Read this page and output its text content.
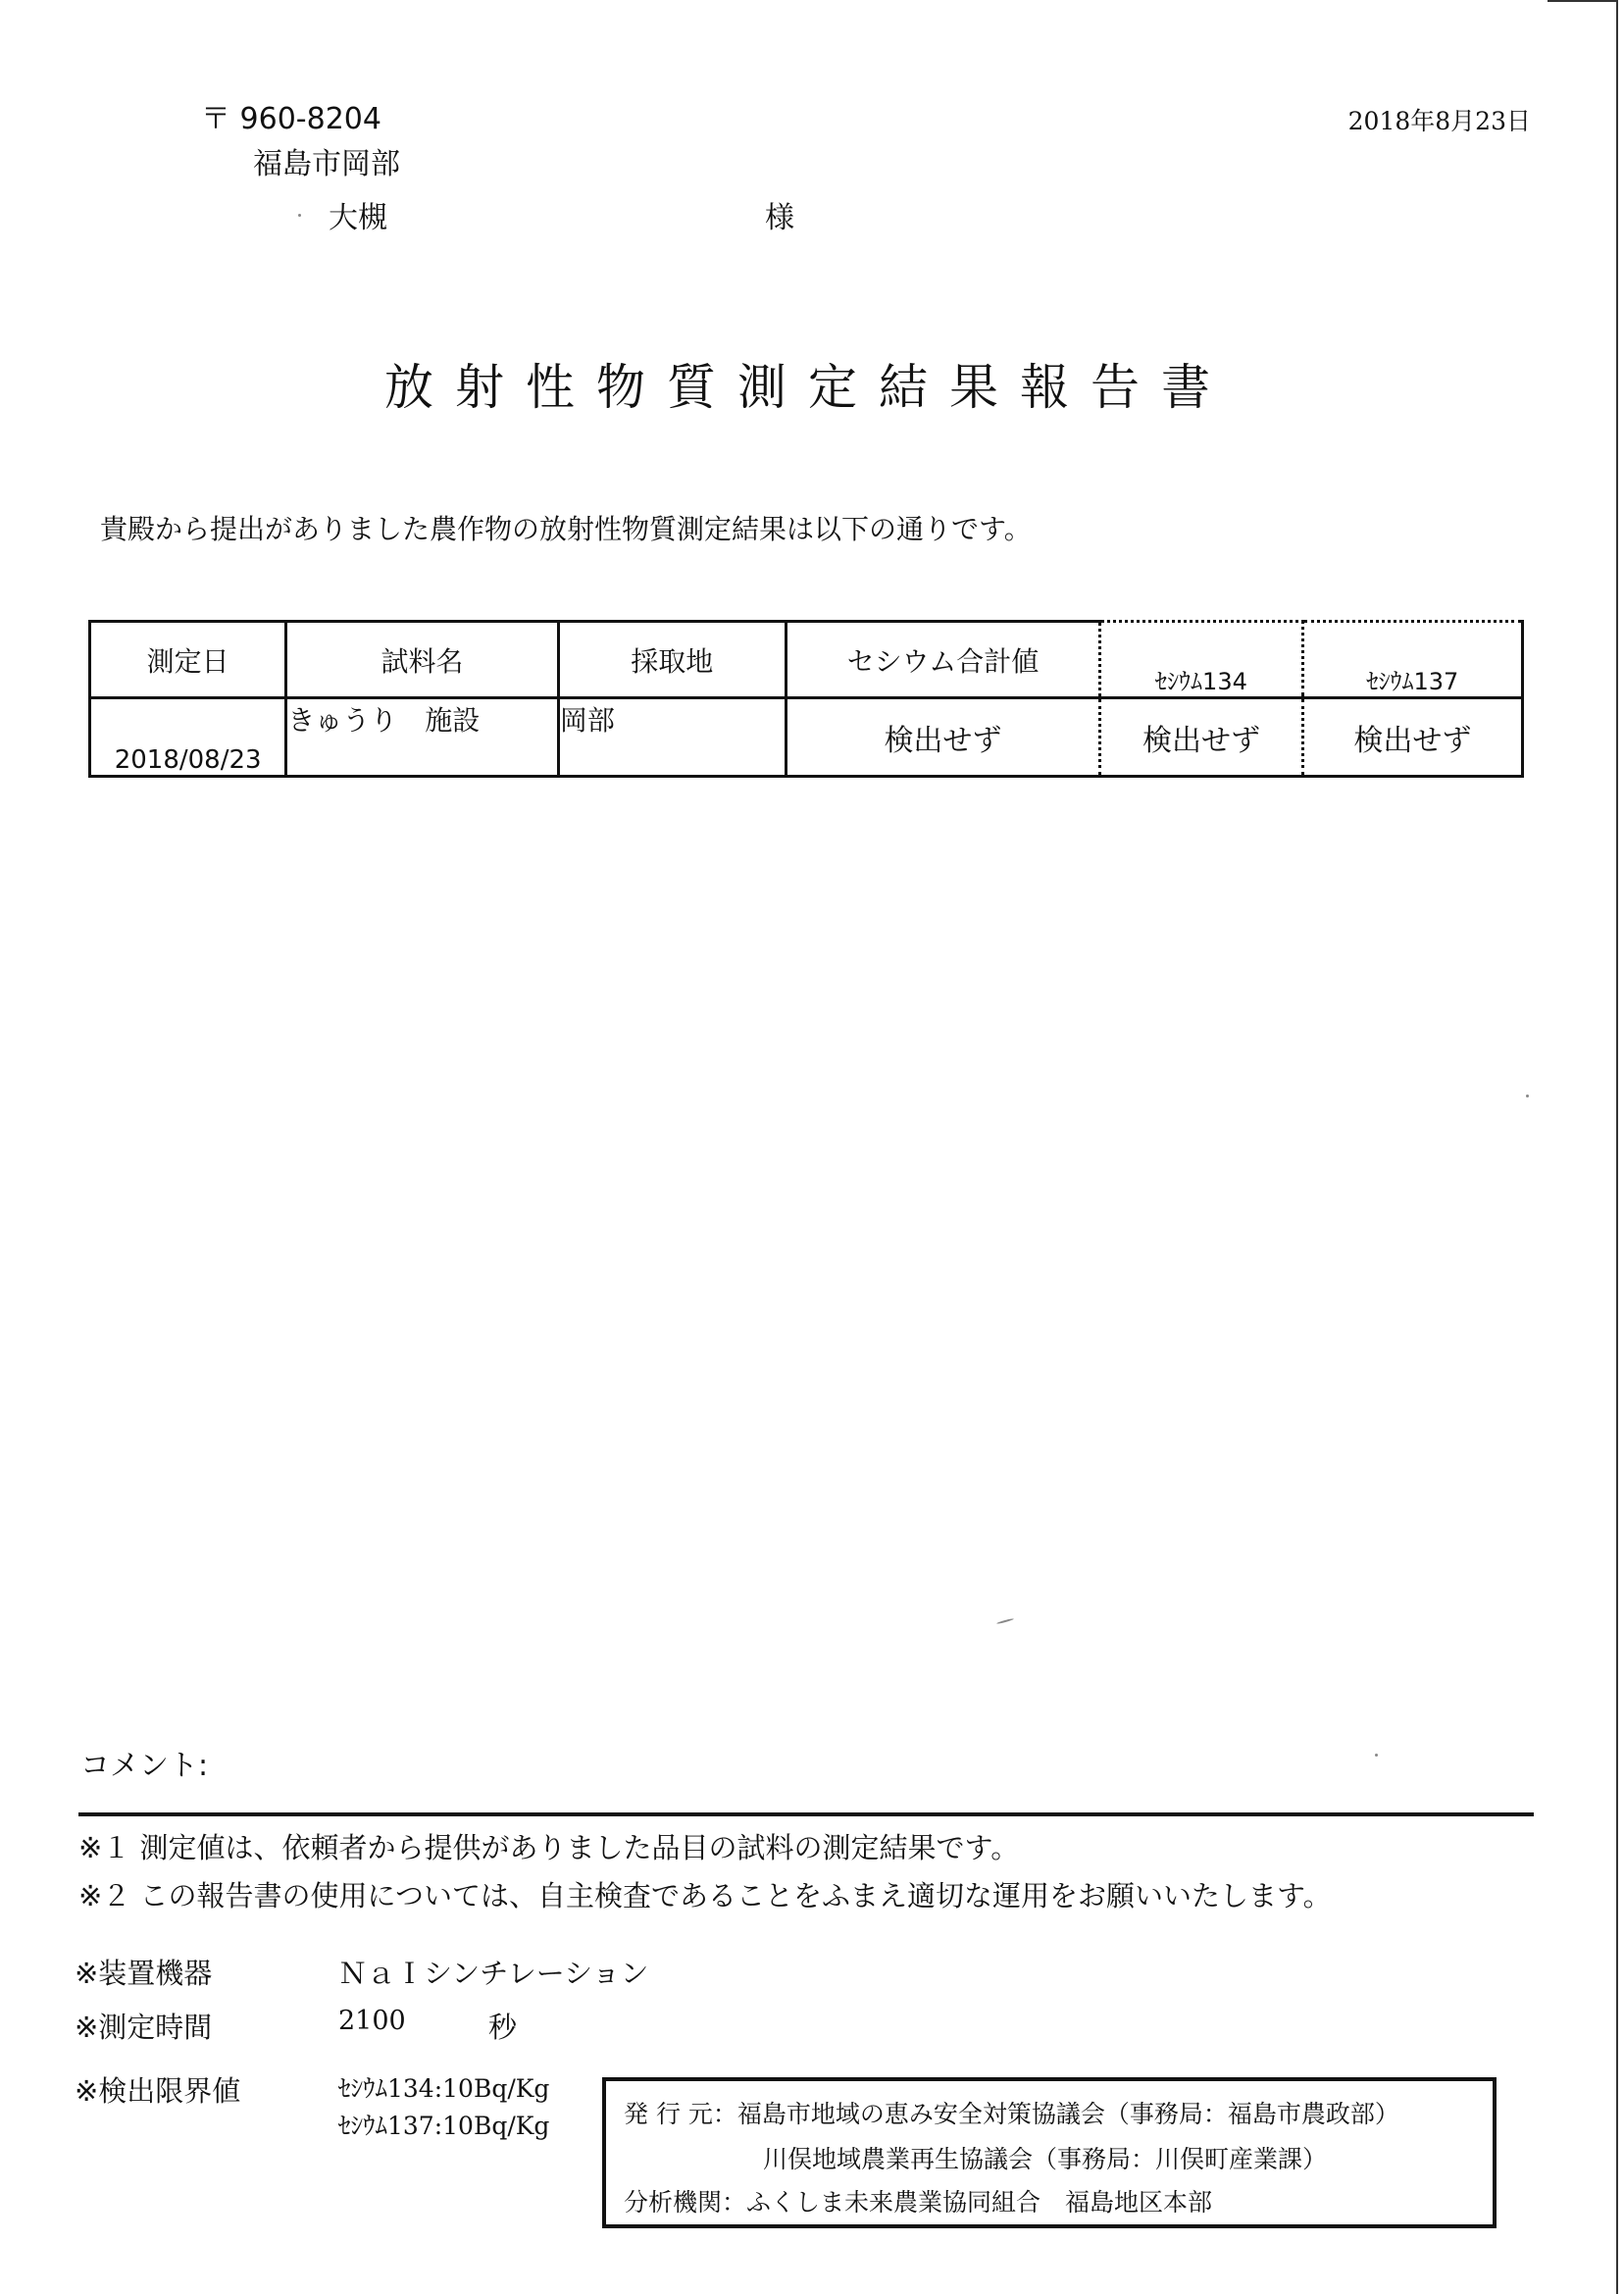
〒 960-8204	2018年8月23日
福島市岡部
大槻	様
放射性物質測定結果報告書
貴殿から提出がありました農作物の放射性物質測定結果は以下の通りです。
測定日	試料名	採取地	セシウム合計値	ｾｼｳﾑ134	ｾｼｳﾑ137
2018/08/23	きゅうり　施設	岡部	検出せず	検出せず	検出せず
コメント:
※１ 測定値は、依頼者から提供がありました品目の試料の測定結果です。
※２ この報告書の使用については、自主検査であることをふまえ適切な運用をお願いいたします。
※装置機器	ＮａＩシンチレーション
※測定時間	2100	秒
※検出限界値	ｾｼｳﾑ134:10Bq/Kg
ｾｼｳﾑ137:10Bq/Kg	発 行 元：福島市地域の恵み安全対策協議会（事務局：福島市農政部）
川俣地域農業再生協議会（事務局：川俣町産業課）
分析機関：ふくしま未来農業協同組合　福島地区本部
